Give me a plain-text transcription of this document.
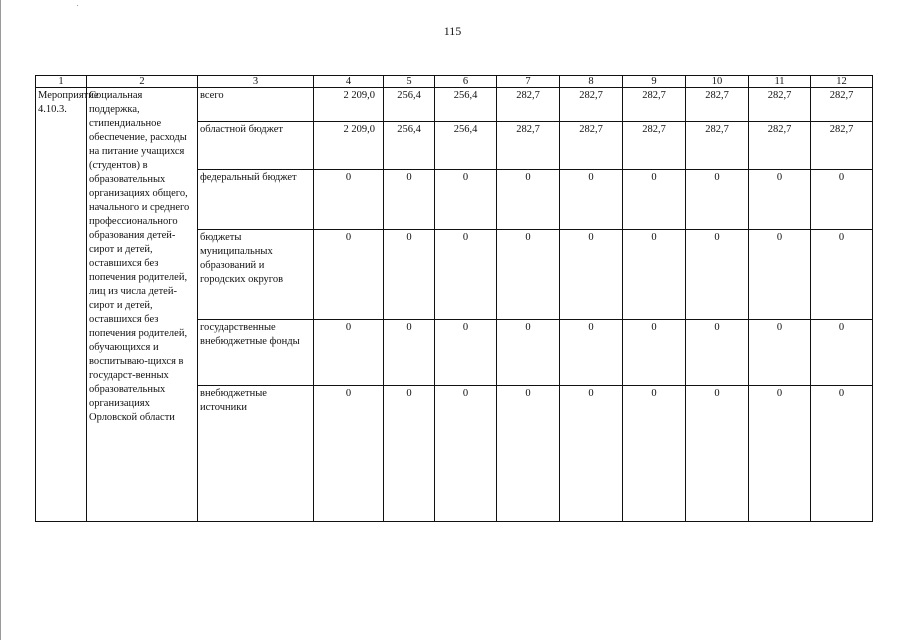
115
1	2	3	4	5	6	7	8	9	10	11	12
Мероприятие 4.10.3.	Социальная поддержка, стипендиальное обеспечение, расходы на питание учащихся (студентов) в образовательных организациях общего, начального и среднего профессионального образования детей-сирот и детей, оставшихся без попечения родителей, лиц из числа детей-сирот и детей, оставшихся без попечения родителей, обучающихся и воспитываю-щихся в государст-венных образовательных организациях Орловской области	всего	2 209,0	256,4	256,4	282,7	282,7	282,7	282,7	282,7	282,7
		областной бюджет	2 209,0	256,4	256,4	282,7	282,7	282,7	282,7	282,7	282,7
		федеральный бюджет	0	0	0	0	0	0	0	0	0
		бюджеты муниципальных образований и городских округов	0	0	0	0	0	0	0	0	0
		государственные внебюджетные фонды	0	0	0	0	0	0	0	0	0
		внебюджетные источники	0	0	0	0	0	0	0	0	0
